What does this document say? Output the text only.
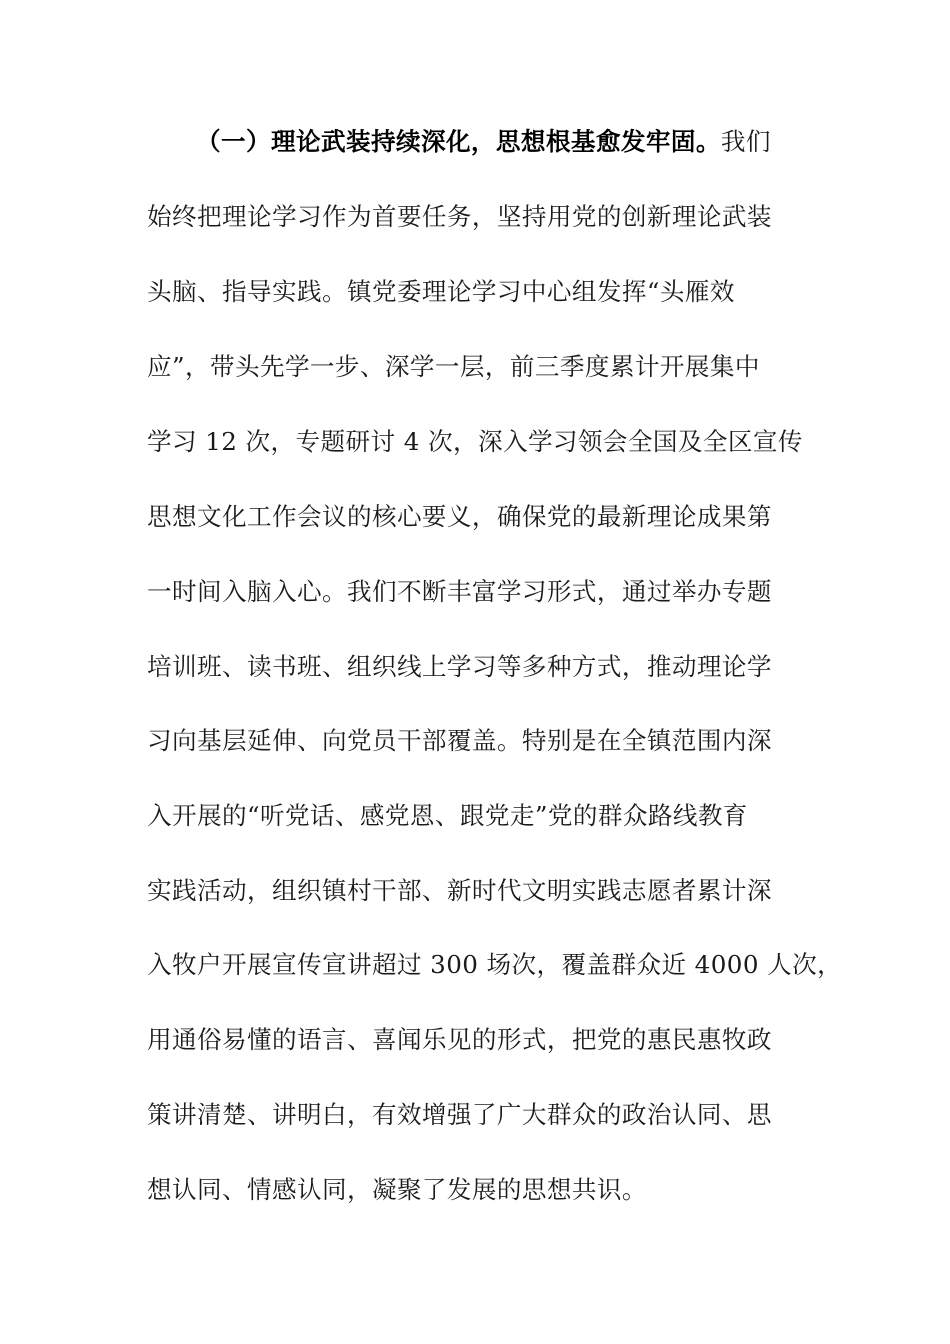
（一）理论武装持续深化，思想根基愈发牢固。我们
始终把理论学习作为首要任务，坚持用党的创新理论武装
头脑、指导实践。镇党委理论学习中心组发挥“头雁效
应”，带头先学一步、深学一层，前三季度累计开展集中
学习 12 次，专题研讨 4 次，深入学习领会全国及全区宣传
思想文化工作会议的核心要义，确保党的最新理论成果第
一时间入脑入心。我们不断丰富学习形式，通过举办专题
培训班、读书班、组织线上学习等多种方式，推动理论学
习向基层延伸、向党员干部覆盖。特别是在全镇范围内深
入开展的“听党话、感党恩、跟党走”党的群众路线教育
实践活动，组织镇村干部、新时代文明实践志愿者累计深
入牧户开展宣传宣讲超过 300 场次，覆盖群众近 4000 人次，
用通俗易懂的语言、喜闻乐见的形式，把党的惠民惠牧政
策讲清楚、讲明白，有效增强了广大群众的政治认同、思
想认同、情感认同，凝聚了发展的思想共识。
